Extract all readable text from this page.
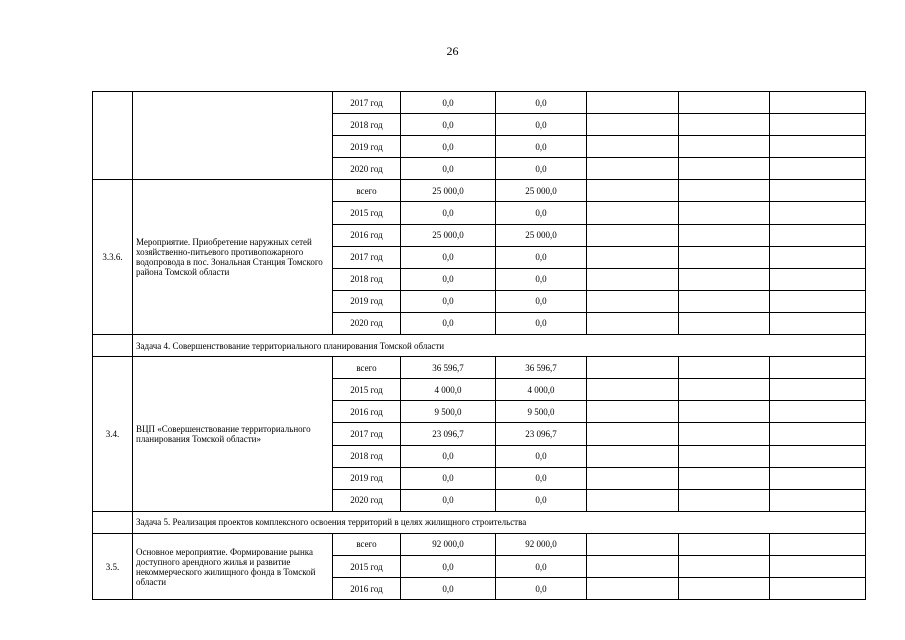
26
		2017 год	0,0	0,0			
		2018 год	0,0	0,0			
		2019 год	0,0	0,0			
		2020 год	0,0	0,0			
3.3.6.	Мероприятие. Приобретение наружных сетей хозяйственно-питьевого противопожарного водопровода в пос. Зональная Станция Томского района Томской области	всего	25 000,0	25 000,0			
		2015 год	0,0	0,0			
		2016 год	25 000,0	25 000,0			
		2017 год	0,0	0,0			
		2018 год	0,0	0,0			
		2019 год	0,0	0,0			
		2020 год	0,0	0,0			
	Задача 4. Совершенствование территориального планирования Томской области						
3.4.	ВЦП «Совершенствование территориального планирования Томской области»	всего	36 596,7	36 596,7			
		2015 год	4 000,0	4 000,0			
		2016 год	9 500,0	9 500,0			
		2017 год	23 096,7	23 096,7			
		2018 год	0,0	0,0			
		2019 год	0,0	0,0			
		2020 год	0,0	0,0			
	Задача 5. Реализация проектов комплексного освоения территорий в целях жилищного строительства						
3.5.	Основное мероприятие. Формирование рынка доступного арендного жилья и развитие некоммерческого жилищного фонда в Томской области	всего	92 000,0	92 000,0			
		2015 год	0,0	0,0			
		2016 год	0,0	0,0			
